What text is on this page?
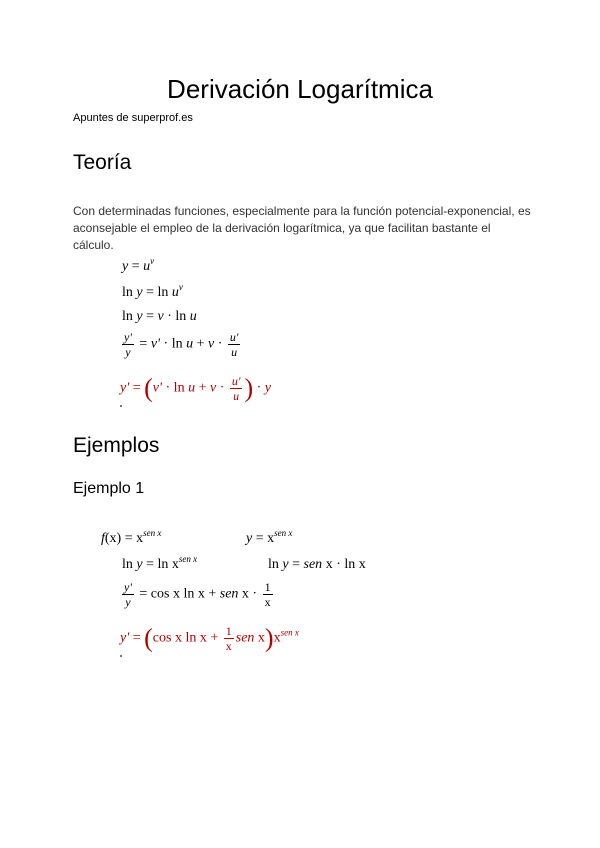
Derivación Logarítmica
Apuntes de superprof.es
Teoría

Con determinadas funciones, especialmente para la función potencial-exponencial, es aconsejable el empleo de la derivación logarítmica, ya que facilitan bastante el cálculo.

$y = u^v$
$\ln y = \ln u^v$
ln y = v · ln u
$\frac{y'}{y} = v' \cdot \ln u + v \cdot \frac{u'}{u}$
$y' = (v' \cdot \ln u + v \cdot \frac{u'}{u}$ ) · y
Ejemplos
Ejemplo 1
$f(x) = x^{sen x}$	$y = x^{sen x}$
$\ln y = \ln x^{sen x}$	ln y = sen x · ln x
$\frac{y'}{y} = \cos x$ ln x + sen $x \cdot \frac{1}{x}$
y' = (cos x $\ln x + \frac{1}{x}$ sen $x)x^{sen x}$
